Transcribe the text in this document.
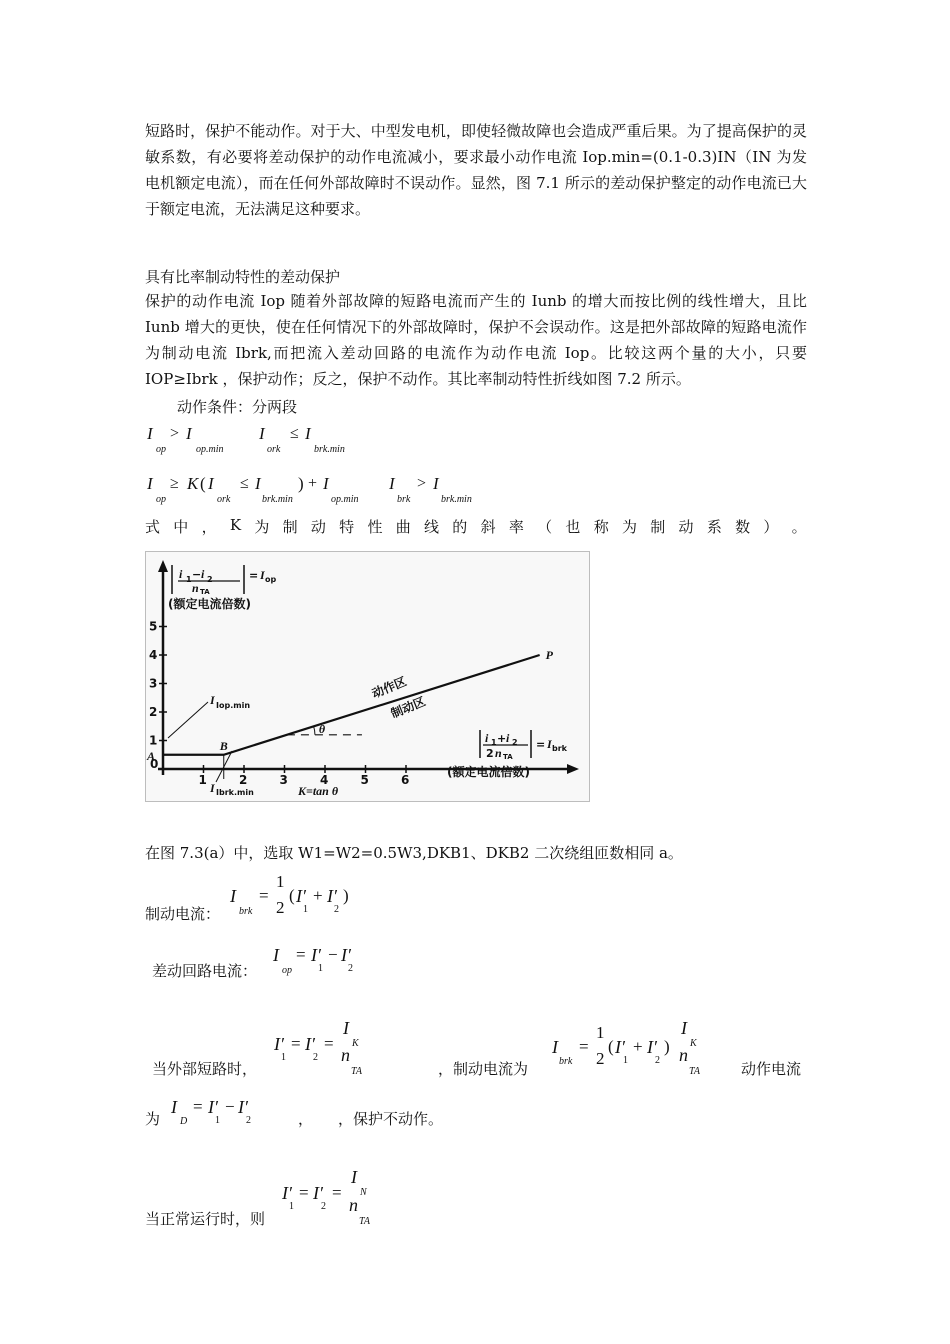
短路时，保护不能动作。对于大、中型发电机，即使轻微故障也会造成严重后果。为了提高保护的灵敏系数，有必要将差动保护的动作电流减小，要求最小动作电流 Iop.min=(0.1-0.3)IN（IN 为发电机额定电流），而在任何外部故障时不误动作。显然，图 7.1 所示的差动保护整定的动作电流已大于额定电流，无法满足这种要求。

具有比率制动特性的差动保护

保护的动作电流 Iop 随着外部故障的短路电流而产生的 Iunb 的增大而按比例的线性增大，且比 Iunb 增大的更快，使在任何情况下的外部故障时，保护不会误动作。这是把外部故障的短路电流作为制动电流 Ibrk,而把流入差动回路的电流作为动作电流 Iop。比较这两个量的大小，只要 IOP≥Ibrk ，保护动作；反之，保护不动作。其比率制动特性折线如图 7.2 所示。

动作条件：分两段
I
op
> I
op.min
I
ork
≤ I
brk.min
I
op
≥ K ( I
ork
≤ I
brk.min
) + I
op.min
I
brk
> I
brk.min
式 中 ， K 为 制 动 特 性 曲 线 的 斜 率 （ 也 称 为 制 动 系 数 ） 。
i 1 − i 2
n TA
= I op
(额定电流倍数)
1
2
3
4
5
1	2	3	4	5	6
0
θ
A
B
P
动作区
制动区
I Iop.min
I Ibrk.min	K=tan θ
i 1 + i 2
2 n TA
= I brk
(额定电流倍数)
在图 7.3(a）中，选取 W1=W2=0.5W3,DKB1、DKB2 二次绕组匝数相同 a。
制动电流：
I
brk
=
1
2
( I′
1
+ I′
2
)
差动回路电流：
I
op
= I′
1
− I′
2
当外部短路时，
I′
1
= I′
2
=
I
K
n
TA	，制动电流为
I
brk
=
1
2
( I′
1
+ I′
2
)
I
K
n
TA	动作电流
为
I
D
= I′
1
− I′
2	， ，保护不动作。
当正常运行时，则
I′
1
= I′
2
=
I
N
n
TA
